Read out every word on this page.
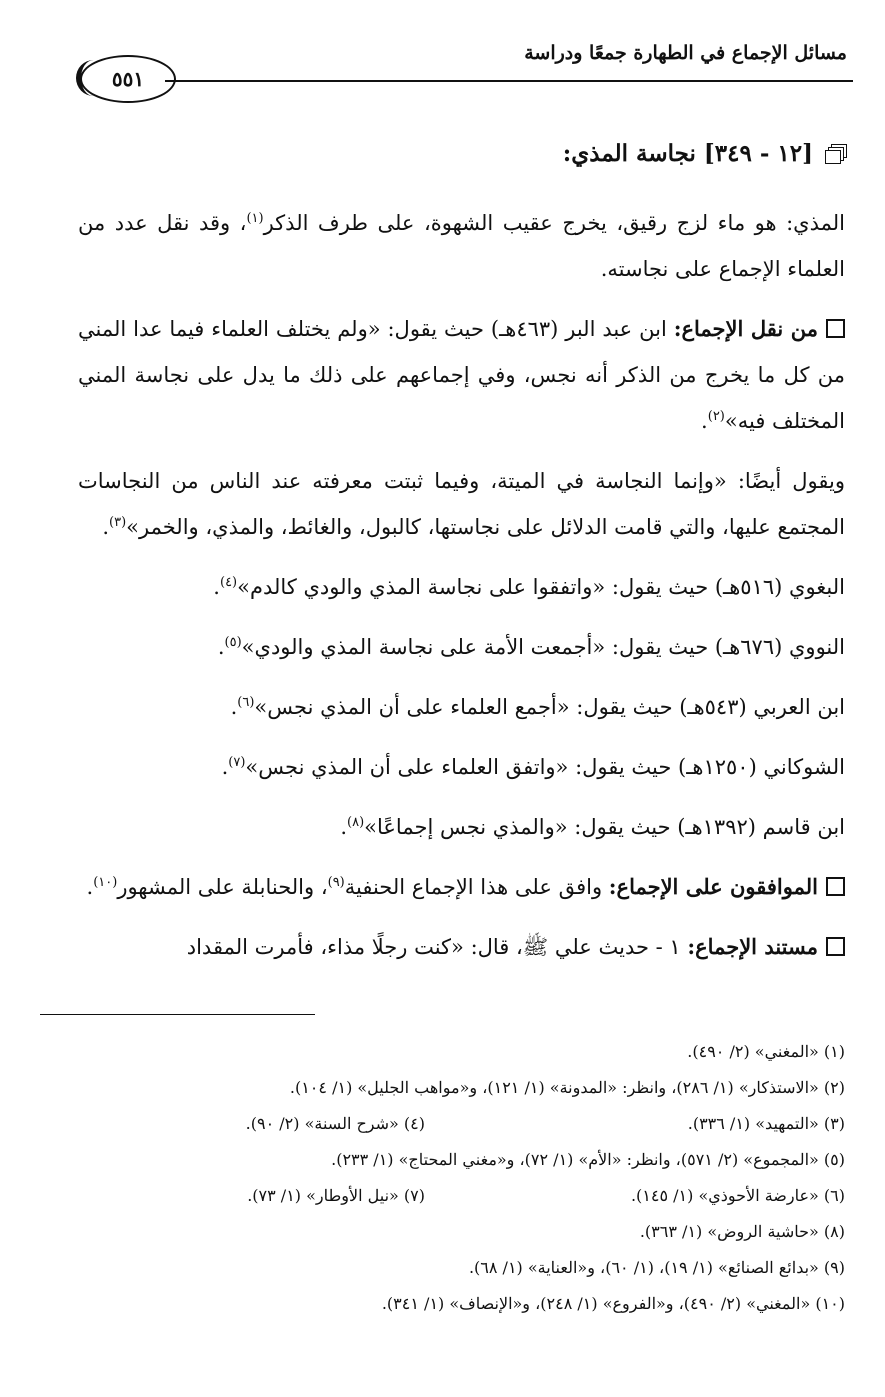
مسائل الإجماع في الطهارة جمعًا ودراسة
٥٥١
[١٢ - ٣٤٩] نجاسة المذي:

المذي: هو ماء لزج رقيق، يخرج عقيب الشهوة، على طرف الذكر$^{(١)}$، وقد نقل عدد من العلماء الإجماع على نجاسته.

من نقل الإجماع: ابن عبد البر (٤٦٣هـ) حيث يقول: «ولم يختلف العلماء فيما عدا المني من كل ما يخرج من الذكر أنه نجس، وفي إجماعهم على ذلك ما يدل على نجاسة المني المختلف فيه»$^{(٢)}$.

ويقول أيضًا: «وإنما النجاسة في الميتة، وفيما ثبتت معرفته عند الناس من النجاسات المجتمع عليها، والتي قامت الدلائل على نجاستها، كالبول، والغائط، والمذي، والخمر»$^{(٣)}$.

البغوي (٥١٦هـ) حيث يقول: «واتفقوا على نجاسة المذي والودي كالدم»$^{(٤)}$.

النووي (٦٧٦هـ) حيث يقول: «أجمعت الأمة على نجاسة المذي والودي»$^{(٥)}$.

ابن العربي (٥٤٣هـ) حيث يقول: «أجمع العلماء على أن المذي نجس»$^{(٦)}$.

الشوكاني (١٢٥٠هـ) حيث يقول: «واتفق العلماء على أن المذي نجس»$^{(٧)}$.

ابن قاسم (١٣٩٢هـ) حيث يقول: «والمذي نجس إجماعًا»$^{(٨)}$.

الموافقون على الإجماع: وافق على هذا الإجماع الحنفية$^{(٩)}$، والحنابلة على المشهور$^{(١٠)}$.

مستند الإجماع: ١ - حديث علي ﷺ، قال: «كنت رجلًا مذاء، فأمرت المقداد

(١) «المغني» (٢/ ٤٩٠).
(٢) «الاستذكار» (١/ ٢٨٦)، وانظر: «المدونة» (١/ ١٢١)، و«مواهب الجليل» (١/ ١٠٤).
(٣) «التمهيد» (١/ ٣٣٦).
(٤) «شرح السنة» (٢/ ٩٠).
(٥) «المجموع» (٢/ ٥٧١)، وانظر: «الأم» (١/ ٧٢)، و«مغني المحتاج» (١/ ٢٣٣).
(٦) «عارضة الأحوذي» (١/ ١٤٥).
(٧) «نيل الأوطار» (١/ ٧٣).
(٨) «حاشية الروض» (١/ ٣٦٣).
(٩) «بدائع الصنائع» (١/ ١٩)، (١/ ٦٠)، و«العناية» (١/ ٦٨).
(١٠) «المغني» (٢/ ٤٩٠)، و«الفروع» (١/ ٢٤٨)، و«الإنصاف» (١/ ٣٤١).
